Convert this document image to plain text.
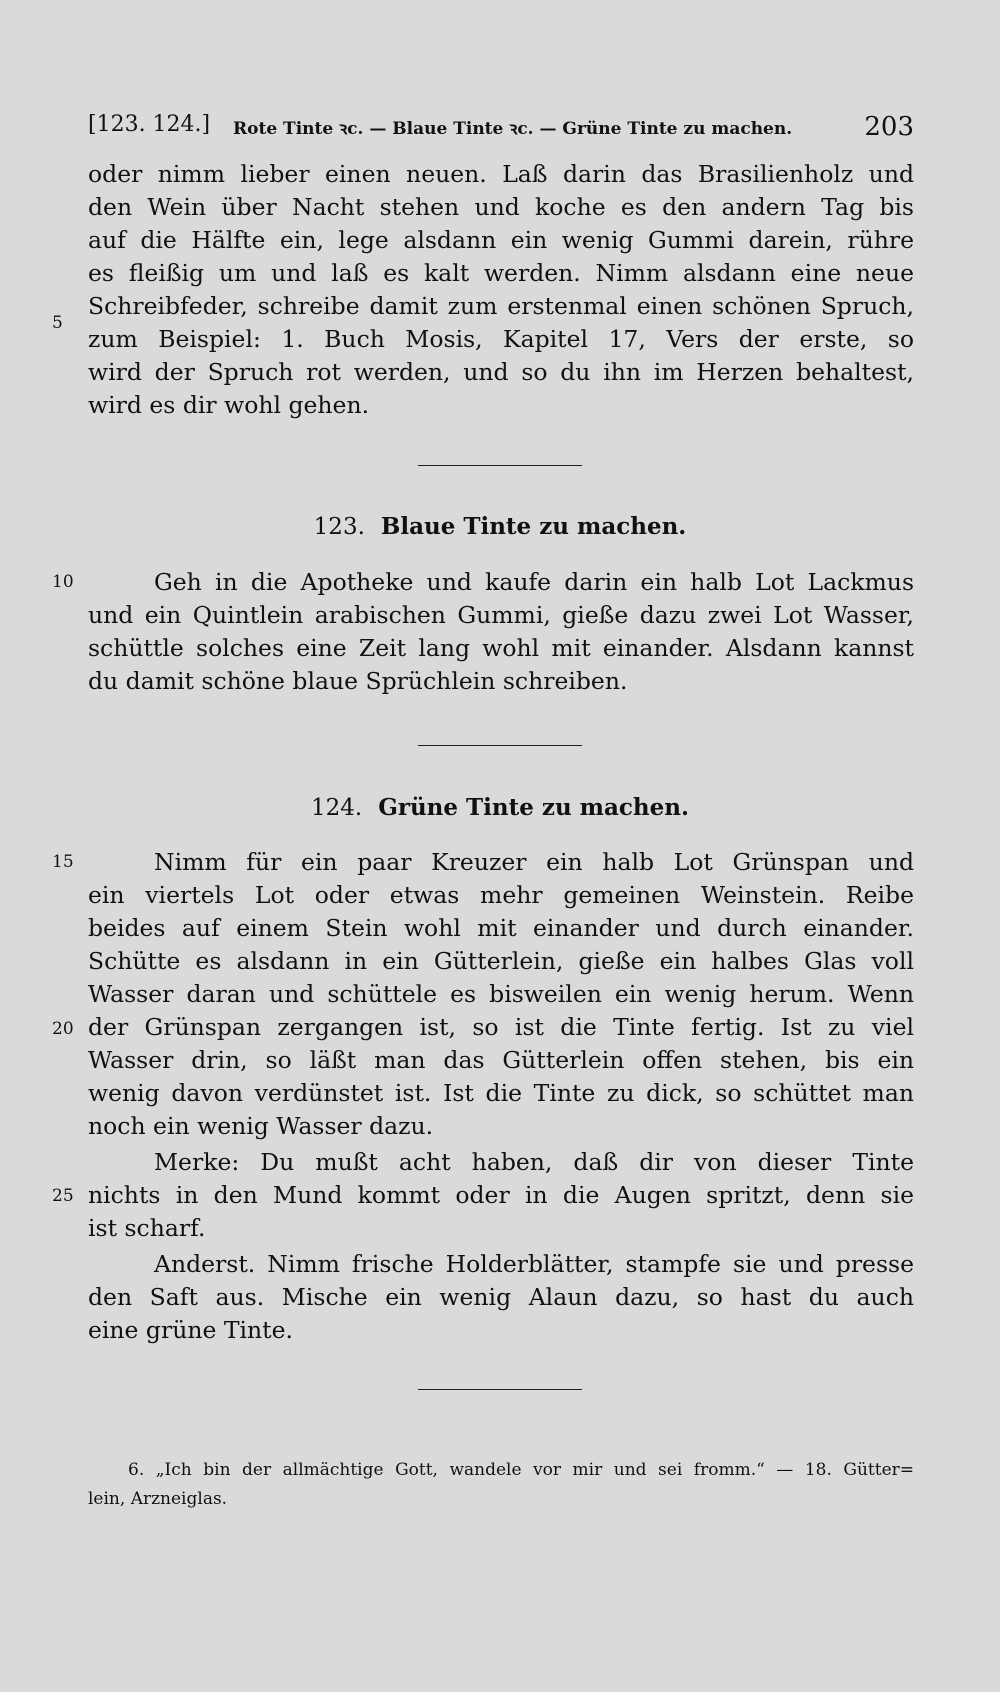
[123. 124.] Rote Tinte ꝛc. — Blaue Tinte ꝛc. — Grüne Tinte zu machen.	203
oder nimm lieber einen neuen. Laß darin das Brasilienholz und
den Wein über Nacht stehen und koche es den andern Tag bis
auf die Hälfte ein, lege alsdann ein wenig Gummi darein, rühre
es fleißig um und laß es kalt werden. Nimm alsdann eine neue
Schreibfeder, schreibe damit zum erstenmal einen schönen Spruch,
zum Beispiel: 1. Buch Mosis, Kapitel 17, Vers der erste, so
wird der Spruch rot werden, und so du ihn im Herzen behaltest,
wird es dir wohl gehen.
123. Blaue Tinte zu machen.
Geh in die Apotheke und kaufe darin ein halb Lot Lackmus
und ein Quintlein arabischen Gummi, gieße dazu zwei Lot Wasser,
schüttle solches eine Zeit lang wohl mit einander. Alsdann kannst
du damit schöne blaue Sprüchlein schreiben.
124. Grüne Tinte zu machen.
Nimm für ein paar Kreuzer ein halb Lot Grünspan und
ein viertels Lot oder etwas mehr gemeinen Weinstein. Reibe
beides auf einem Stein wohl mit einander und durch einander.
Schütte es alsdann in ein Gütterlein, gieße ein halbes Glas voll
Wasser daran und schüttele es bisweilen ein wenig herum. Wenn
der Grünspan zergangen ist, so ist die Tinte fertig. Ist zu viel
Wasser drin, so läßt man das Gütterlein offen stehen, bis ein
wenig davon verdünstet ist. Ist die Tinte zu dick, so schüttet man
noch ein wenig Wasser dazu.
Merke: Du mußt acht haben, daß dir von dieser Tinte
nichts in den Mund kommt oder in die Augen spritzt, denn sie
ist scharf.
Anderst. Nimm frische Holderblätter, stampfe sie und presse
den Saft aus. Mische ein wenig Alaun dazu, so hast du auch
eine grüne Tinte.
5
10
15
20
25
6. „Ich bin der allmächtige Gott, wandele vor mir und sei fromm.“ — 18. Gütter=
lein, Arzneiglas.
